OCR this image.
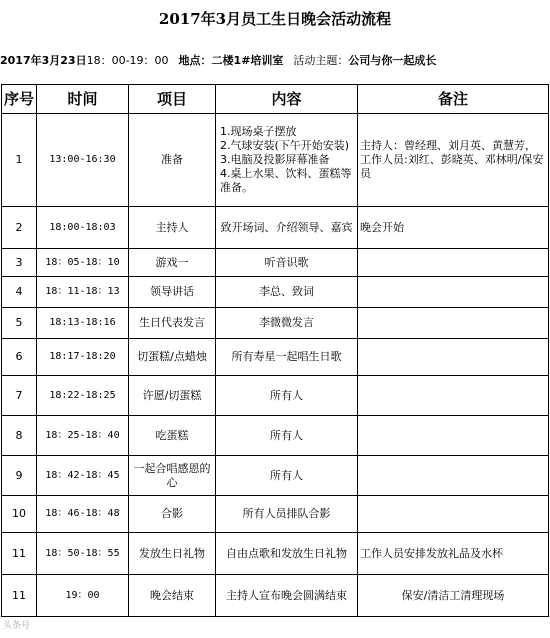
2017年3月员工生日晚会活动流程
2017年3月23日 18：00-19：00 地点： 二楼1#培训室 活动主题： 公司与你一起成长
序号	时间	项目	内容	备注
1	13:00-16:30	准备	1.现场桌子摆放
2.气球安装(下午开始安装)
3.电脑及投影屏幕准备
4.桌上水果、饮料、蛋糕等准备。	主持人：曾经理、刘月英、黄慧芳，工作人员:刘红、彭晓英、邓林明/保安员
2	18:00-18:03	主持人	致开场词、介绍领导、嘉宾	晚会开始
3	18：05-18：10	游戏一	听音识歌	
4	18：11-18：13	领导讲话	李总、致词	
5	18:13-18:16	生日代表发言	李微微发言	
6	18:17-18:20	切蛋糕/点蜡烛	所有寿星一起唱生日歌	
7	18:22-18:25	许愿/切蛋糕	所有人	
8	18：25-18：40	吃蛋糕	所有人	
9	18：42-18：45	一起合唱感恩的心	所有人	
10	18：46-18：48	合影	所有人员排队合影	
11	18：50-18：55	发放生日礼物	自由点歌和发放生日礼物	工作人员安排发放礼品及水杯
11	19：00	晚会结束	主持人宣布晚会圆满结束	保安/清洁工清理现场
头条号
